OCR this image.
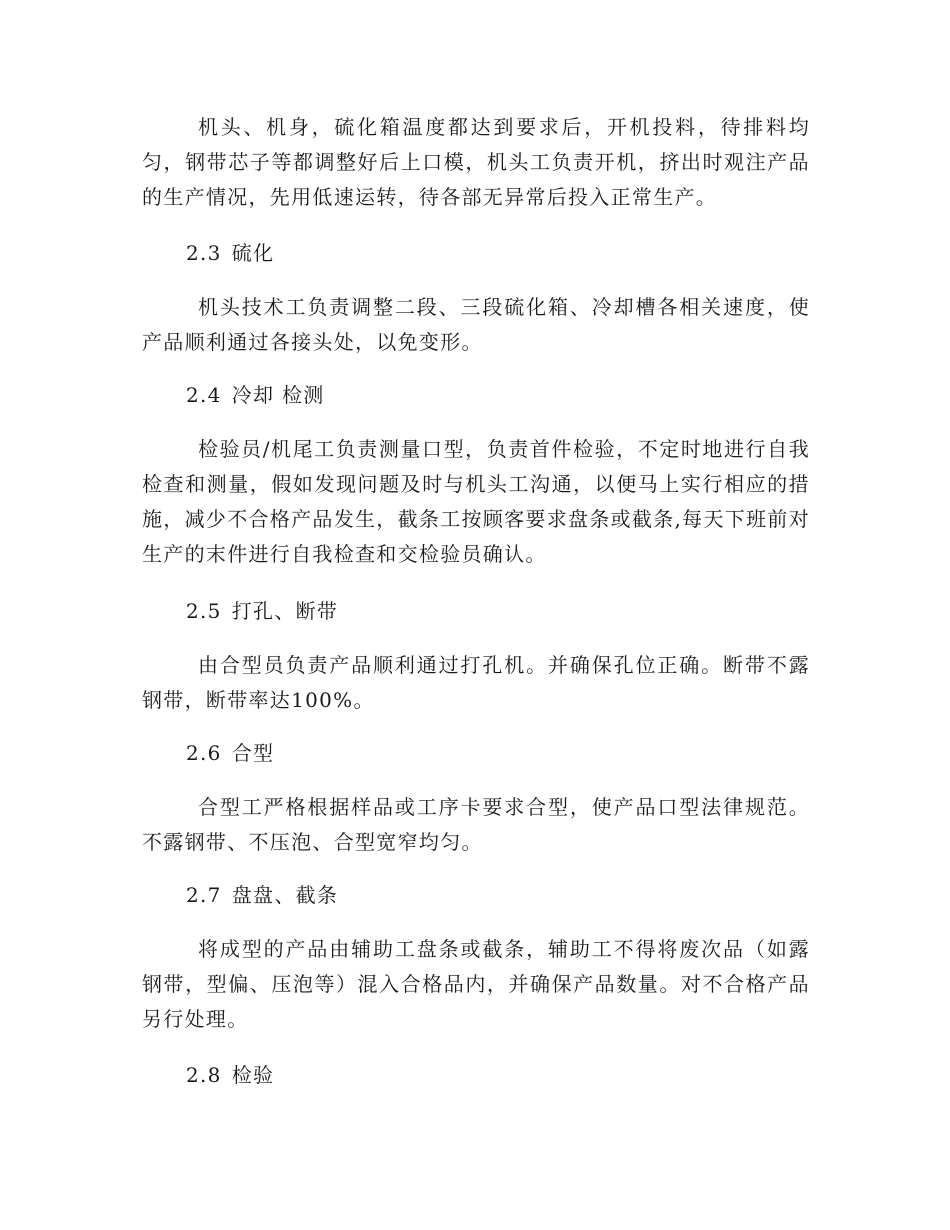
机头、机身，硫化箱温度都达到要求后，开机投料，待排料均匀，钢带芯子等都调整好后上口模，机头工负责开机，挤出时观注产品的生产情况，先用低速运转，待各部无异常后投入正常生产。
2.3 硫化
机头技术工负责调整二段、三段硫化箱、冷却槽各相关速度，使产品顺利通过各接头处，以免变形。
2.4 冷却 检测
检验员/机尾工负责测量口型，负责首件检验，不定时地进行自我检查和测量，假如发现问题及时与机头工沟通，以便马上实行相应的措施，减少不合格产品发生，截条工按顾客要求盘条或截条,每天下班前对生产的末件进行自我检查和交检验员确认。
2.5 打孔、断带
由合型员负责产品顺利通过打孔机。并确保孔位正确。断带不露钢带，断带率达100%。
2.6 合型
合型工严格根据样品或工序卡要求合型，使产品口型法律规范。不露钢带、不压泡、合型宽窄均匀。
2.7 盘盘、截条
将成型的产品由辅助工盘条或截条，辅助工不得将废次品（如露钢带，型偏、压泡等）混入合格品内，并确保产品数量。对不合格产品另行处理。
2.8 检验
